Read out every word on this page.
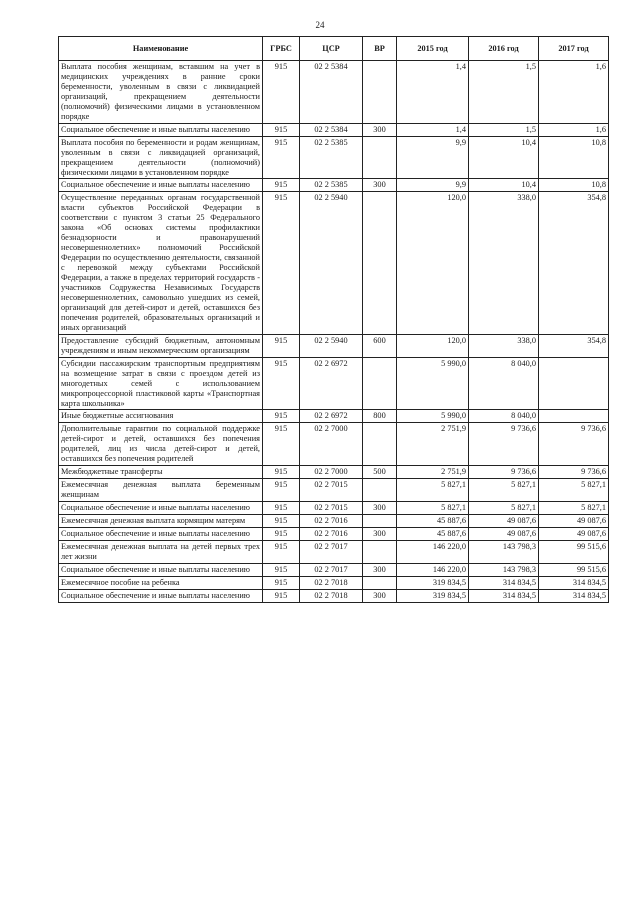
24
Наименование	ГРБС	ЦСР	ВР	2015 год	2016 год	2017 год
Выплата пособия женщинам, вставшим на учет в медицинских учреждениях в ранние сроки беременности, уволенным в связи с ликвидацией организаций, прекращением деятельности (полномочий) физическими лицами в установленном порядке	915	02 2 5384		1,4	1,5	1,6
Социальное обеспечение и иные выплаты населению	915	02 2 5384	300	1,4	1,5	1,6
Выплата пособия по беременности и родам женщинам, уволенным в связи с ликвидацией организаций, прекращением деятельности (полномочий) физическими лицами в установленном порядке	915	02 2 5385		9,9	10,4	10,8
Социальное обеспечение и иные выплаты населению	915	02 2 5385	300	9,9	10,4	10,8
Осуществление переданных органам государственной власти субъектов Российской Федерации в соответствии с пунктом 3 статьи 25 Федерального закона «Об основах системы профилактики безнадзорности и правонарушений несовершеннолетних» полномочий Российской Федерации по осуществлению деятельности, связанной с перевозкой между субъектами Российской Федерации, а также в пределах территорий государств - участников Содружества Независимых Государств несовершеннолетних, самовольно ушедших из семей, организаций для детей-сирот и детей, оставшихся без попечения родителей, образовательных организаций и иных организаций	915	02 2 5940		120,0	338,0	354,8
Предоставление субсидий бюджетным, автономным учреждениям и иным некоммерческим организациям	915	02 2 5940	600	120,0	338,0	354,8
Субсидии пассажирским транспортным предприятиям на возмещение затрат в связи с проездом детей из многодетных семей с использованием микропроцессорной пластиковой карты «Транспортная карта школьника»	915	02 2 6972		5 990,0	8 040,0	
Иные бюджетные ассигнования	915	02 2 6972	800	5 990,0	8 040,0	
Дополнительные гарантии по социальной поддержке детей-сирот и детей, оставшихся без попечения родителей, лиц из числа детей-сирот и детей, оставшихся без попечения родителей	915	02 2 7000		2 751,9	9 736,6	9 736,6
Межбюджетные трансферты	915	02 2 7000	500	2 751,9	9 736,6	9 736,6
Ежемесячная денежная выплата беременным женщинам	915	02 2 7015		5 827,1	5 827,1	5 827,1
Социальное обеспечение и иные выплаты населению	915	02 2 7015	300	5 827,1	5 827,1	5 827,1
Ежемесячная денежная выплата кормящим матерям	915	02 2 7016		45 887,6	49 087,6	49 087,6
Социальное обеспечение и иные выплаты населению	915	02 2 7016	300	45 887,6	49 087,6	49 087,6
Ежемесячная денежная выплата на детей первых трех лет жизни	915	02 2 7017		146 220,0	143 798,3	99 515,6
Социальное обеспечение и иные выплаты населению	915	02 2 7017	300	146 220,0	143 798,3	99 515,6
Ежемесячное пособие на ребенка	915	02 2 7018		319 834,5	314 834,5	314 834,5
Социальное обеспечение и иные выплаты населению	915	02 2 7018	300	319 834,5	314 834,5	314 834,5
